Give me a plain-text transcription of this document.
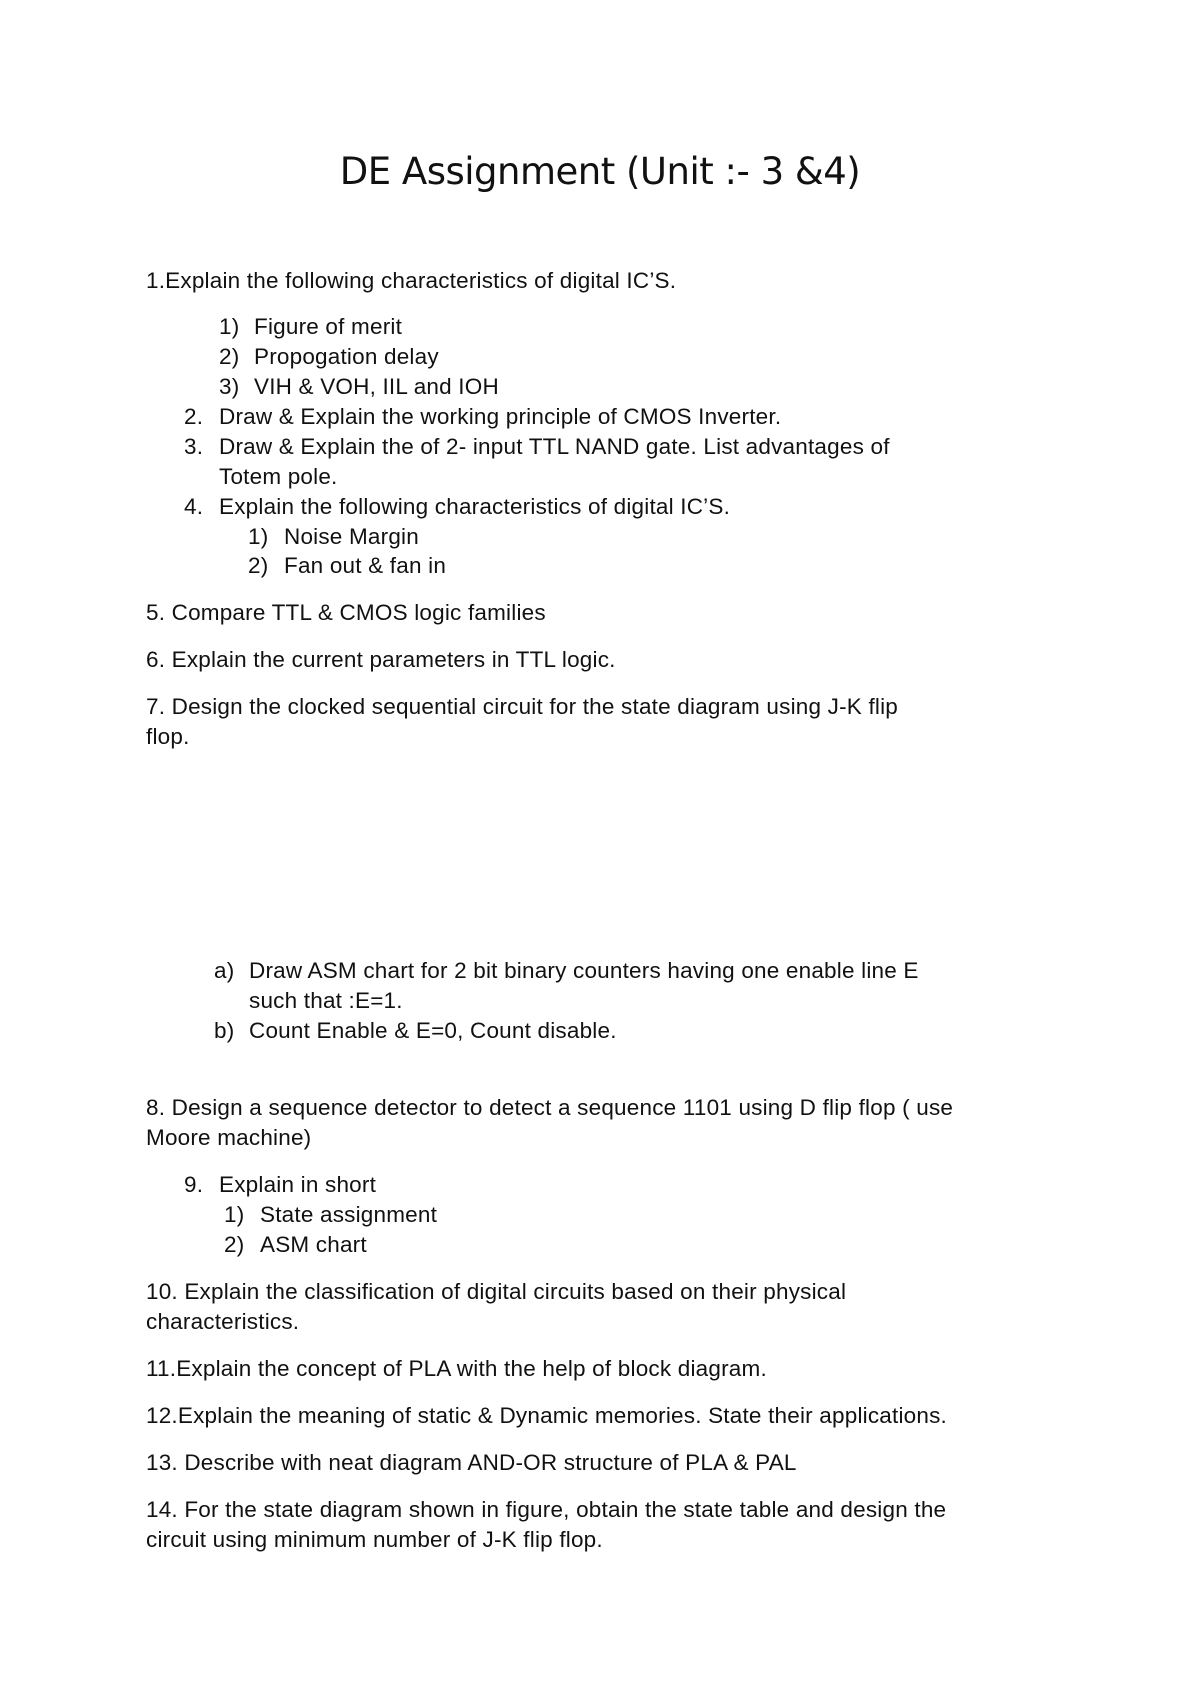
DE Assignment (Unit :- 3 &4)
1.Explain the following characteristics of digital IC’S.
1) Figure of merit
2) Propogation delay
3) VIH & VOH, IIL and IOH
2. Draw & Explain the working principle of CMOS Inverter.
3. Draw & Explain the of 2- input TTL NAND gate. List advantages of
Totem pole.
4. Explain the following characteristics of digital IC’S.
1) Noise Margin
2) Fan out & fan in
5. Compare TTL & CMOS logic families
6. Explain the current parameters in TTL logic.
7. Design the clocked sequential circuit for the state diagram using J-K flip
flop.
a) Draw ASM chart for 2 bit binary counters having one enable line E
such that :E=1.
b) Count Enable & E=0, Count disable.
8. Design a sequence detector to detect a sequence 1101 using D flip flop ( use
Moore machine)
9. Explain in short
1) State assignment
2) ASM chart
10. Explain the classification of digital circuits based on their physical
characteristics.
11.Explain the concept of PLA with the help of block diagram.
12.Explain the meaning of static & Dynamic memories. State their applications.
13. Describe with neat diagram AND-OR structure of PLA & PAL
14. For the state diagram shown in figure, obtain the state table and design the
circuit using minimum number of J-K flip flop.
